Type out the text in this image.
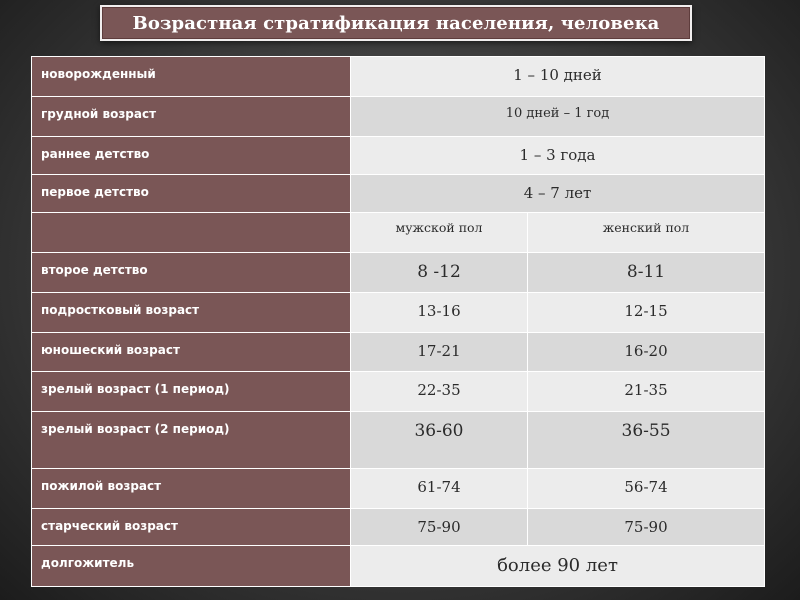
Возрастная стратификация населения, человека
новорожденный	1 – 10 дней	
грудной возраст	10 дней – 1 год	
раннее детство	1 – 3 года	
первое детство	4 – 7 лет	
	мужской пол	женский пол
второе детство	8 -12	8-11
подростковый возраст	13-16	12-15
юношеский возраст	17-21	16-20
зрелый возраст (1 период)	22-35	21-35
зрелый возраст (2 период)	36-60	36-55
пожилой возраст	61-74	56-74
старческий возраст	75-90	75-90
долгожитель	более 90 лет	
